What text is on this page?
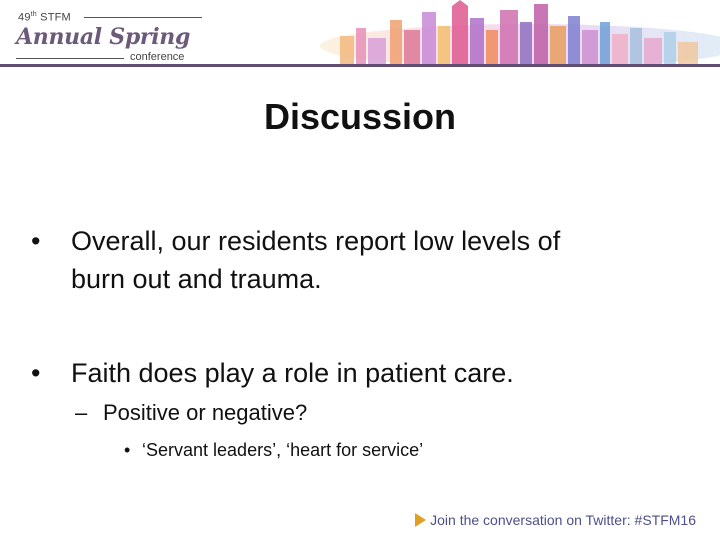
49th STFM
Annual Spring
conference
Discussion
• Overall, our residents report low levels of
burn out and trauma.
• Faith does play a role in patient care.
– Positive or negative?
• ‘Servant leaders’, ‘heart for service’
Join the conversation on Twitter: #STFM16
